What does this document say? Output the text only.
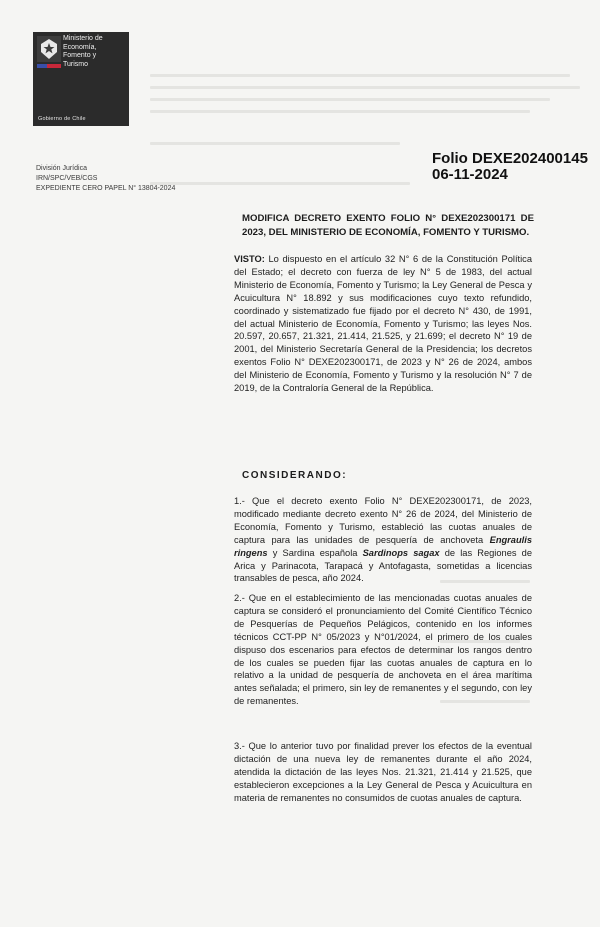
Ministerio de
Economía,
Fomento y
Turismo
Gobierno de Chile
División Jurídica
IRN/SPC/VEB/CGS
EXPEDIENTE CERO PAPEL N° 13804-2024
Folio DEXE202400145
06-11-2024
MODIFICA DECRETO EXENTO FOLIO N° DEXE202300171 DE 2023, DEL MINISTERIO DE ECONOMÍA, FOMENTO Y TURISMO.
VISTO: Lo dispuesto en el artículo 32 N° 6 de la Constitución Política del Estado; el decreto con fuerza de ley N° 5 de 1983, del actual Ministerio de Economía, Fomento y Turismo; la Ley General de Pesca y Acuicultura N° 18.892 y sus modificaciones cuyo texto refundido, coordinado y sistematizado fue fijado por el decreto N° 430, de 1991, del actual Ministerio de Economía, Fomento y Turismo; las leyes Nos. 20.597, 20.657, 21.321, 21.414, 21.525, y 21.699; el decreto N° 19 de 2001, del Ministerio Secretaría General de la Presidencia; los decretos exentos Folio N° DEXE202300171, de 2023 y N° 26 de 2024, ambos del Ministerio de Economía, Fomento y Turismo y la resolución N° 7 de 2019, de la Contraloría General de la República.
CONSIDERANDO:
1.- Que el decreto exento Folio N° DEXE202300171, de 2023, modificado mediante decreto exento N° 26 de 2024, del Ministerio de Economía, Fomento y Turismo, estableció las cuotas anuales de captura para las unidades de pesquería de anchoveta Engraulis ringens y Sardina española Sardinops sagax de las Regiones de Arica y Parinacota, Tarapacá y Antofagasta, sometidas a licencias transables de pesca, año 2024.
2.- Que en el establecimiento de las mencionadas cuotas anuales de captura se consideró el pronunciamiento del Comité Científico Técnico de Pesquerías de Pequeños Pelágicos, contenido en los informes técnicos CCT-PP N° 05/2023 y N°01/2024, el primero de los cuales dispuso dos escenarios para efectos de determinar los rangos dentro de los cuales se pueden fijar las cuotas anuales de captura en lo relativo a la unidad de pesquería de anchoveta en el área marítima antes señalada; el primero, sin ley de remanentes y el segundo, con ley de remanentes.
3.- Que lo anterior tuvo por finalidad prever los efectos de la eventual dictación de una nueva ley de remanentes durante el año 2024, atendida la dictación de las leyes Nos. 21.321, 21.414 y 21.525, que establecieron excepciones a la Ley General de Pesca y Acuicultura en materia de remanentes no consumidos de cuotas anuales de captura.
